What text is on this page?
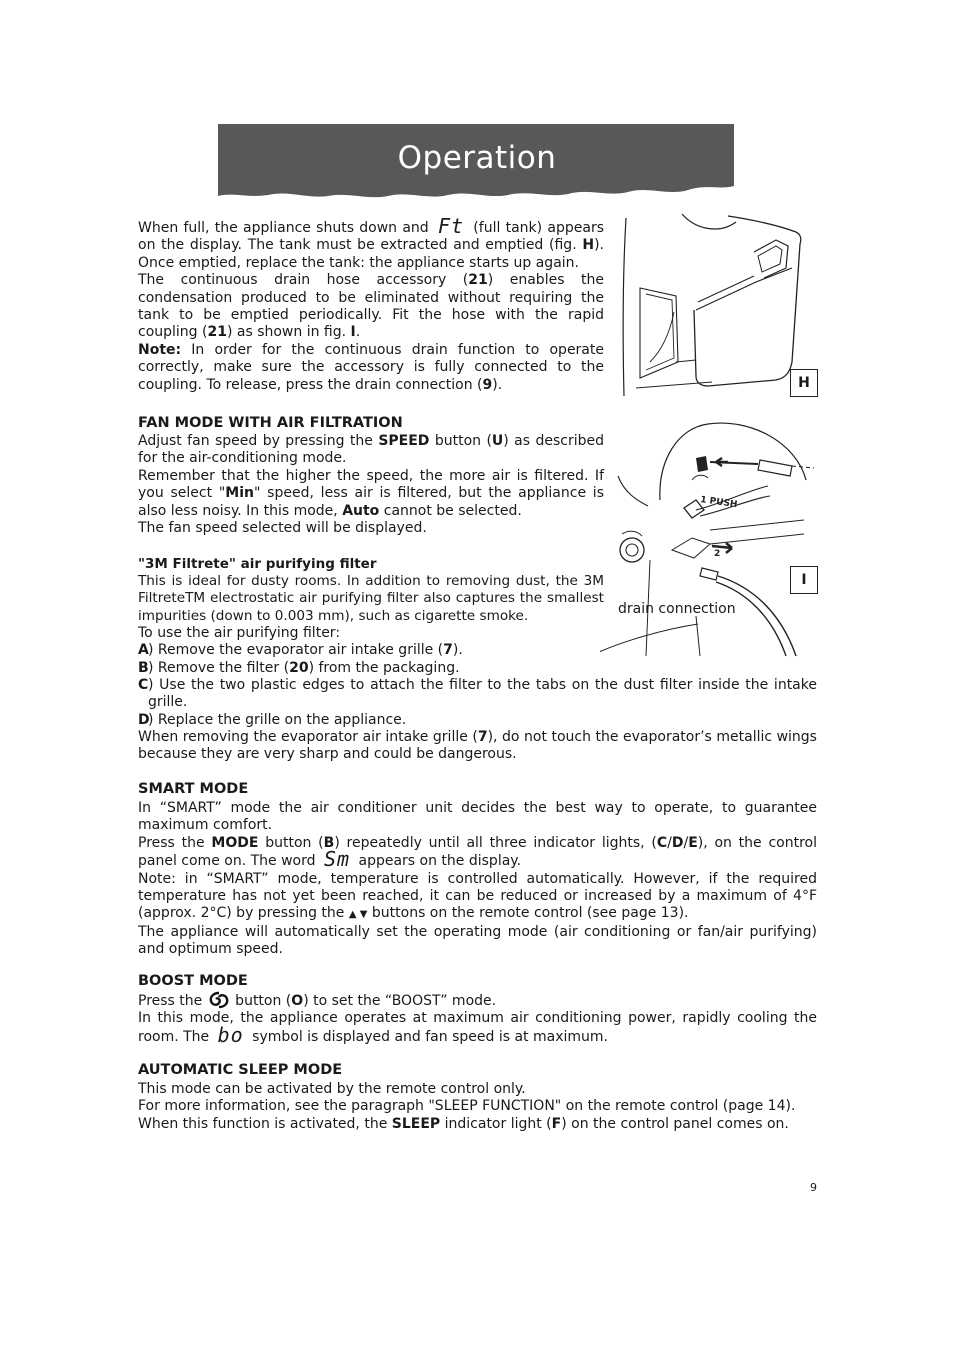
Operation

When full, the appliance shuts down and Ft (full tank) appears on the display. The tank must be extracted and emptied (fig. H). Once emptied, replace the tank: the appliance starts up again.
The continuous drain hose accessory (21) enables the condensation produced to be eliminated without requiring the tank to be emptied periodically. Fit the hose with the rapid coupling (21) as shown in fig. I.
Note: In order for the continuous drain function to operate correctly, make sure the accessory is fully connected to the coupling. To release, press the drain connection (9).	H
FAN MODE WITH AIR FILTRATION

Adjust fan speed by pressing the SPEED button (U) as described for the air-conditioning mode.
Remember that the higher the speed, the more air is filtered. If you select "Min" speed, less air is filtered, but the appliance is also less noisy. In this mode, Auto cannot be selected.
The fan speed selected will be displayed.

1 PUSH
2
I
drain connection
"3M Filtrete" air purifying filter

This is ideal for dusty rooms. In addition to removing dust, the 3M FiltreteTM electrostatic air purifying filter also captures the smallest impurities (down to 0.003 mm), such as cigarette smoke.

To use the air purifying filter:

A ) Remove the evaporator air intake grille (7).
B ) Remove the filter (20) from the packaging.
C ) Use the two plastic edges to attach the filter to the tabs on the dust filter inside the intake grille.
D
) Replace the grille on the appliance.

When removing the evaporator air intake grille (7), do not touch the evaporator’s metallic wings because they are very sharp and could be dangerous.

SMART MODE

In “SMART” mode the air conditioner unit decides the best way to operate, to guarantee maximum comfort.
Press the MODE button (B) repeatedly until all three indicator lights, (C/D/E), on the control panel come on. The word Sm appears on the display.
Note: in “SMART” mode, temperature is controlled automatically. However, if the required temperature has not yet been reached, it can be reduced or increased by a maximum of 4°F (approx. 2°C) by pressing the ▲ ▼ buttons on the remote control (see page 13).
The appliance will automatically set the operating mode (air conditioning or fan/air purifying) and optimum speed.

BOOST MODE

Press the  button (O) to set the “BOOST” mode.
In this mode, the appliance operates at maximum air conditioning power, rapidly cooling the room. The bo symbol is displayed and fan speed is at maximum.

AUTOMATIC SLEEP MODE

This mode can be activated by the remote control only.
For more information, see the paragraph "SLEEP FUNCTION" on the remote control (page 14).
When this function is activated, the SLEEP indicator light (F) on the control panel comes on.

9
